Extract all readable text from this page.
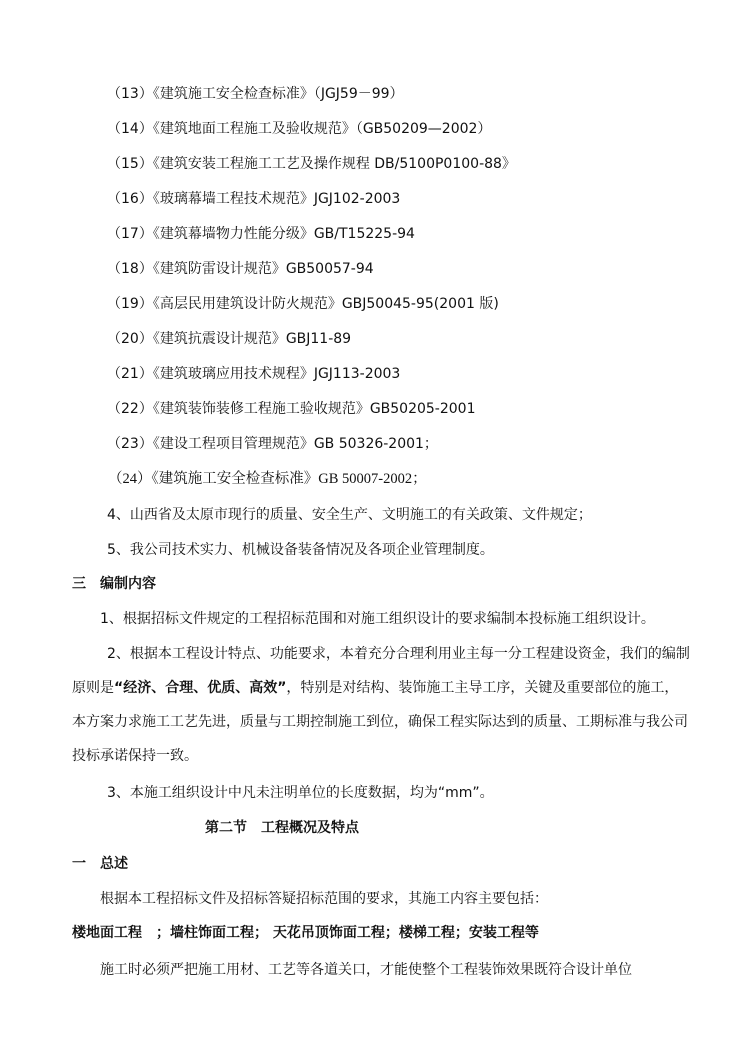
（13）《建筑施工安全检查标准》（JGJ59－99）
（14）《建筑地面工程施工及验收规范》（GB50209—2002）
（15）《建筑安装工程施工工艺及操作规程 DB/5100P0100-88》
（16）《玻璃幕墙工程技术规范》JGJ102-2003
（17）《建筑幕墙物力性能分级》GB/T15225-94
（18）《建筑防雷设计规范》GB50057-94
（19）《高层民用建筑设计防火规范》GBJ50045-95(2001 版)
（20）《建筑抗震设计规范》GBJ11-89
（21）《建筑玻璃应用技术规程》JGJ113-2003
（22）《建筑装饰装修工程施工验收规范》GB50205-2001
（23）《建设工程项目管理规范》GB 50326-2001；
（24）《建筑施工安全检查标准》GB 50007-2002；
4、山西省及太原市现行的质量、安全生产、文明施工的有关政策、文件规定；
5、我公司技术实力、机械设备装备情况及各项企业管理制度。
三　编制内容
1、根据招标文件规定的工程招标范围和对施工组织设计的要求编制本投标施工组织设计。
2、根据本工程设计特点、功能要求，本着充分合理利用业主每一分工程建设资金，我们的编制原则是“经济、合理、优质、高效”，特别是对结构、装饰施工主导工序，关键及重要部位的施工，本方案力求施工工艺先进，质量与工期控制施工到位，确保工程实际达到的质量、工期标准与我公司投标承诺保持一致。
3、本施工组织设计中凡未注明单位的长度数据，均为“mm”。
第二节　工程概况及特点
一　总述
根据本工程招标文件及招标答疑招标范围的要求，其施工内容主要包括：
楼地面工程　；墙柱饰面工程； 天花吊顶饰面工程；楼梯工程；安装工程等
施工时必须严把施工用材、工艺等各道关口，才能使整个工程装饰效果既符合设计单位
